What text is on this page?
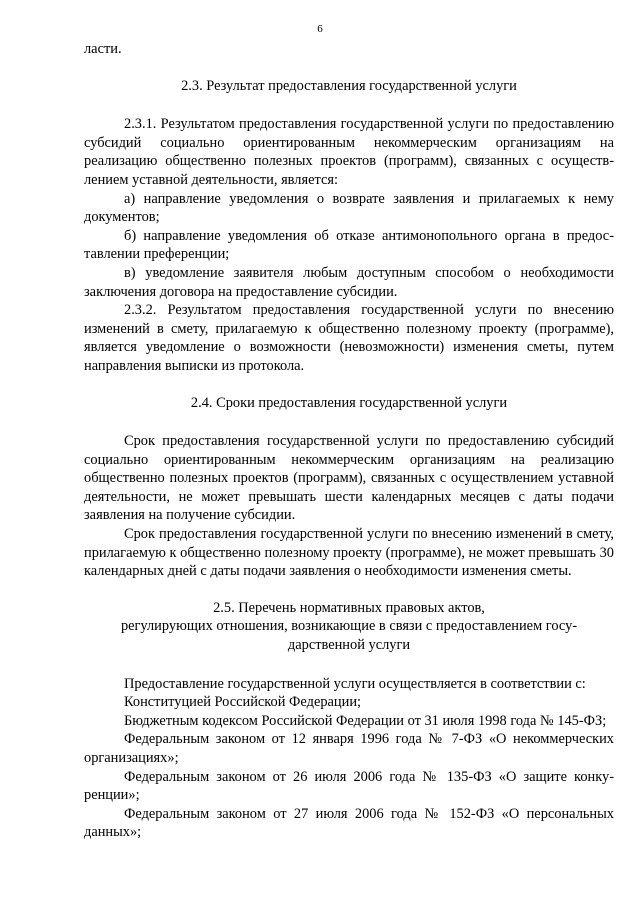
6

ласти.

2.3. Результат предоставления государственной услуги

2.3.1. Результатом предоставления государственной услуги по предоставлению субсидий социально ориентированным некоммерческим организациям на реализацию общественно полезных проектов (программ), связанных с осуществлением уставной деятельности, является:

а) направление уведомления о возврате заявления и прилагаемых к нему документов;

б) направление уведомления об отказе антимонопольного органа в предоставлении преференции;

в) уведомление заявителя любым доступным способом о необходимости заключения договора на предоставление субсидии.

2.3.2. Результатом предоставления государственной услуги по внесению изменений в смету, прилагаемую к общественно полезному проекту (программе), является уведомление о возможности (невозможности) изменения сметы, путем направления выписки из протокола.

2.4. Сроки предоставления государственной услуги

Срок предоставления государственной услуги по предоставлению субсидий социально ориентированным некоммерческим организациям на реализацию общественно полезных проектов (программ), связанных с осуществлением уставной деятельности, не может превышать шести календарных месяцев с даты подачи заявления на получение субсидии.

Срок предоставления государственной услуги по внесению изменений в смету, прилагаемую к общественно полезному проекту (программе), не может превышать 30 календарных дней с даты подачи заявления о необходимости изменения сметы.

2.5. Перечень нормативных правовых актов,
регулирующих отношения, возникающие в связи с предоставлением госу-
дарственной услуги

Предоставление государственной услуги осуществляется в соответствии с:

Конституцией Российской Федерации;

Бюджетным кодексом Российской Федерации от 31 июля 1998 года № 145-ФЗ;

Федеральным законом от 12 января 1996 года № 7-ФЗ «О некоммерческих организациях»;

Федеральным законом от 26 июля 2006 года № 135-ФЗ «О защите конкуренции»;

Федеральным законом от 27 июля 2006 года № 152-ФЗ «О персональных данных»;
